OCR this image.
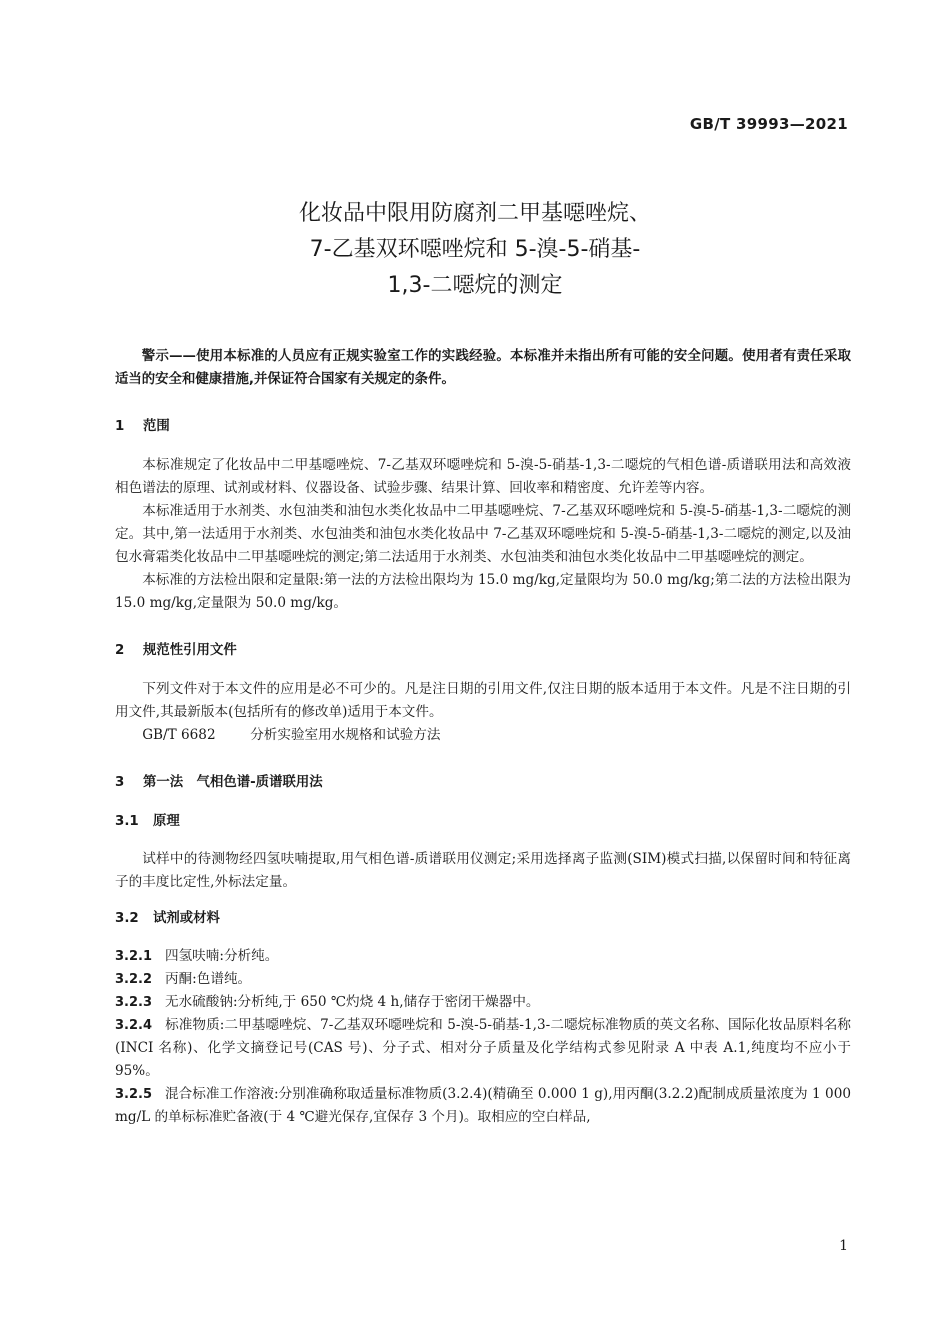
GB/T 39993—2021
化妆品中限用防腐剂二甲基噁唑烷、
7-乙基双环噁唑烷和 5-溴-5-硝基-
1,3-二噁烷的测定
警示——使用本标准的人员应有正规实验室工作的实践经验。本标准并未指出所有可能的安全问题。使用者有责任采取适当的安全和健康措施,并保证符合国家有关规定的条件。
1 范围
本标准规定了化妆品中二甲基噁唑烷、7-乙基双环噁唑烷和 5-溴-5-硝基-1,3-二噁烷的气相色谱-质谱联用法和高效液相色谱法的原理、试剂或材料、仪器设备、试验步骤、结果计算、回收率和精密度、允许差等内容。
本标准适用于水剂类、水包油类和油包水类化妆品中二甲基噁唑烷、7-乙基双环噁唑烷和 5-溴-5-硝基-1,3-二噁烷的测定。其中,第一法适用于水剂类、水包油类和油包水类化妆品中 7-乙基双环噁唑烷和 5-溴-5-硝基-1,3-二噁烷的测定,以及油包水膏霜类化妆品中二甲基噁唑烷的测定;第二法适用于水剂类、水包油类和油包水类化妆品中二甲基噁唑烷的测定。
本标准的方法检出限和定量限:第一法的方法检出限均为 15.0 mg/kg,定量限均为 50.0 mg/kg;第二法的方法检出限为 15.0 mg/kg,定量限为 50.0 mg/kg。
2 规范性引用文件
下列文件对于本文件的应用是必不可少的。凡是注日期的引用文件,仅注日期的版本适用于本文件。凡是不注日期的引用文件,其最新版本(包括所有的修改单)适用于本文件。
GB/T 6682	分析实验室用水规格和试验方法
3 第一法　气相色谱-质谱联用法
3.1 原理
试样中的待测物经四氢呋喃提取,用气相色谱-质谱联用仪测定;采用选择离子监测(SIM)模式扫描,以保留时间和特征离子的丰度比定性,外标法定量。
3.2 试剂或材料
3.2.1 四氢呋喃:分析纯。
3.2.2 丙酮:色谱纯。
3.2.3 无水硫酸钠:分析纯,于 650 ℃灼烧 4 h,储存于密闭干燥器中。
3.2.4 标准物质:二甲基噁唑烷、7-乙基双环噁唑烷和 5-溴-5-硝基-1,3-二噁烷标准物质的英文名称、国际化妆品原料名称(INCI 名称)、化学文摘登记号(CAS 号)、分子式、相对分子质量及化学结构式参见附录 A 中表 A.1,纯度均不应小于 95%。
3.2.5 混合标准工作溶液:分别准确称取适量标准物质(3.2.4)(精确至 0.000 1 g),用丙酮(3.2.2)配制成质量浓度为 1 000 mg/L 的单标标准贮备液(于 4 ℃避光保存,宜保存 3 个月)。取相应的空白样品,
1
